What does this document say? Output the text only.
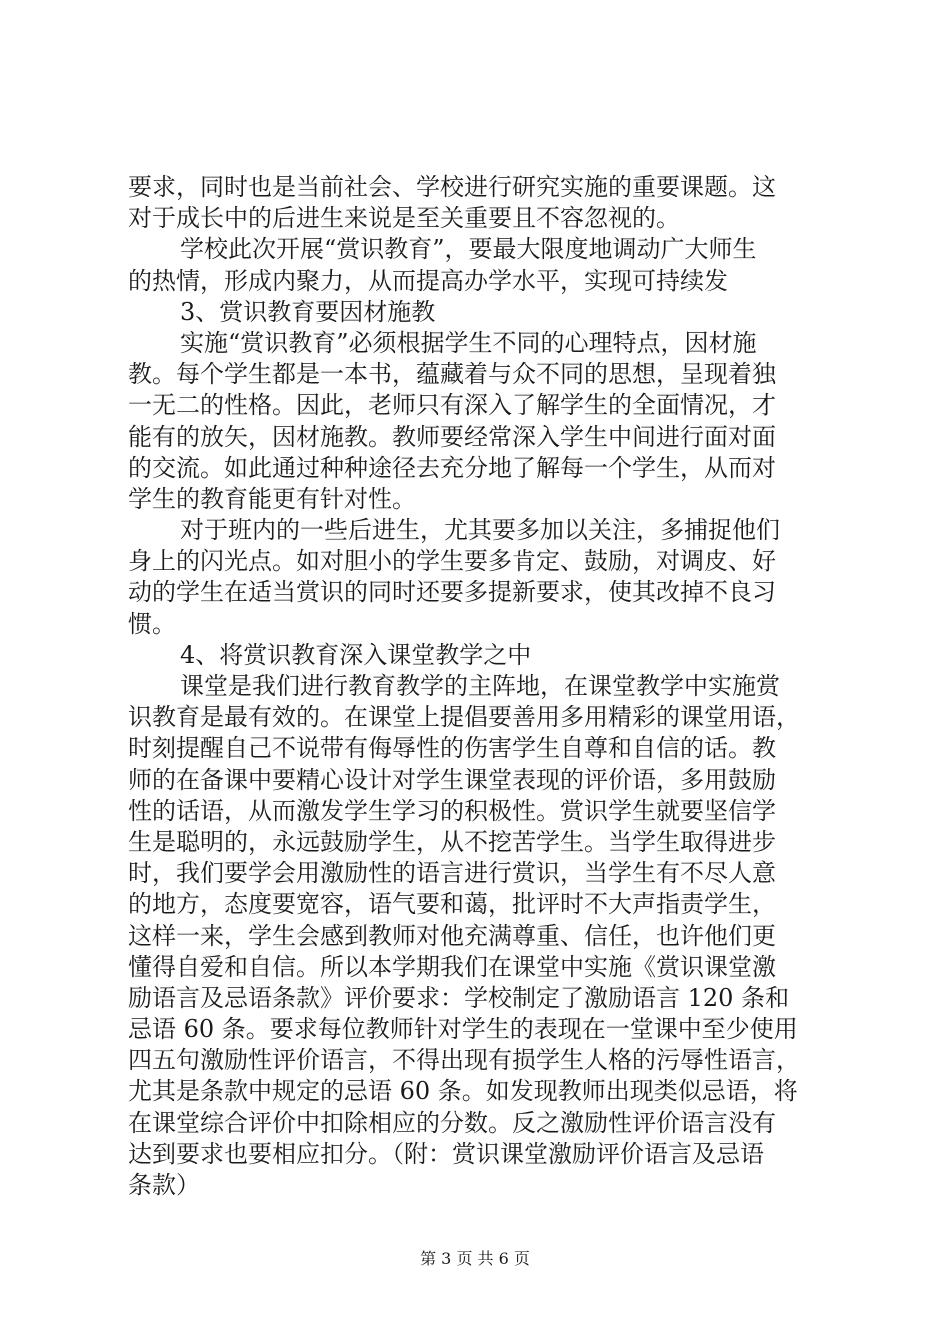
要求，同时也是当前社会、学校进行研究实施的重要课题。这
对于成长中的后进生来说是至关重要且不容忽视的。
学校此次开展“赏识教育”，要最大限度地调动广大师生
的热情，形成内聚力，从而提高办学水平，实现可持续发
3、赏识教育要因材施教
实施“赏识教育”必须根据学生不同的心理特点，因材施
教。每个学生都是一本书，蕴藏着与众不同的思想，呈现着独
一无二的性格。因此，老师只有深入了解学生的全面情况，才
能有的放矢，因材施教。教师要经常深入学生中间进行面对面
的交流。如此通过种种途径去充分地了解每一个学生，从而对
学生的教育能更有针对性。
对于班内的一些后进生，尤其要多加以关注，多捕捉他们
身上的闪光点。如对胆小的学生要多肯定、鼓励，对调皮、好
动的学生在适当赏识的同时还要多提新要求，使其改掉不良习
惯。
4、将赏识教育深入课堂教学之中
课堂是我们进行教育教学的主阵地，在课堂教学中实施赏
识教育是最有效的。在课堂上提倡要善用多用精彩的课堂用语，
时刻提醒自己不说带有侮辱性的伤害学生自尊和自信的话。教
师的在备课中要精心设计对学生课堂表现的评价语，多用鼓励
性的话语，从而激发学生学习的积极性。赏识学生就要坚信学
生是聪明的，永远鼓励学生，从不挖苦学生。当学生取得进步
时，我们要学会用激励性的语言进行赏识，当学生有不尽人意
的地方，态度要宽容，语气要和蔼，批评时不大声指责学生，
这样一来，学生会感到教师对他充满尊重、信任，也许他们更
懂得自爱和自信。所以本学期我们在课堂中实施《赏识课堂激
励语言及忌语条款》评价要求：学校制定了激励语言 120 条和
忌语 60 条。要求每位教师针对学生的表现在一堂课中至少使用
四五句激励性评价语言，不得出现有损学生人格的污辱性语言，
尤其是条款中规定的忌语 60 条。如发现教师出现类似忌语，将
在课堂综合评价中扣除相应的分数。反之激励性评价语言没有
达到要求也要相应扣分。（附：赏识课堂激励评价语言及忌语
条款）
第 3 页 共 6 页
